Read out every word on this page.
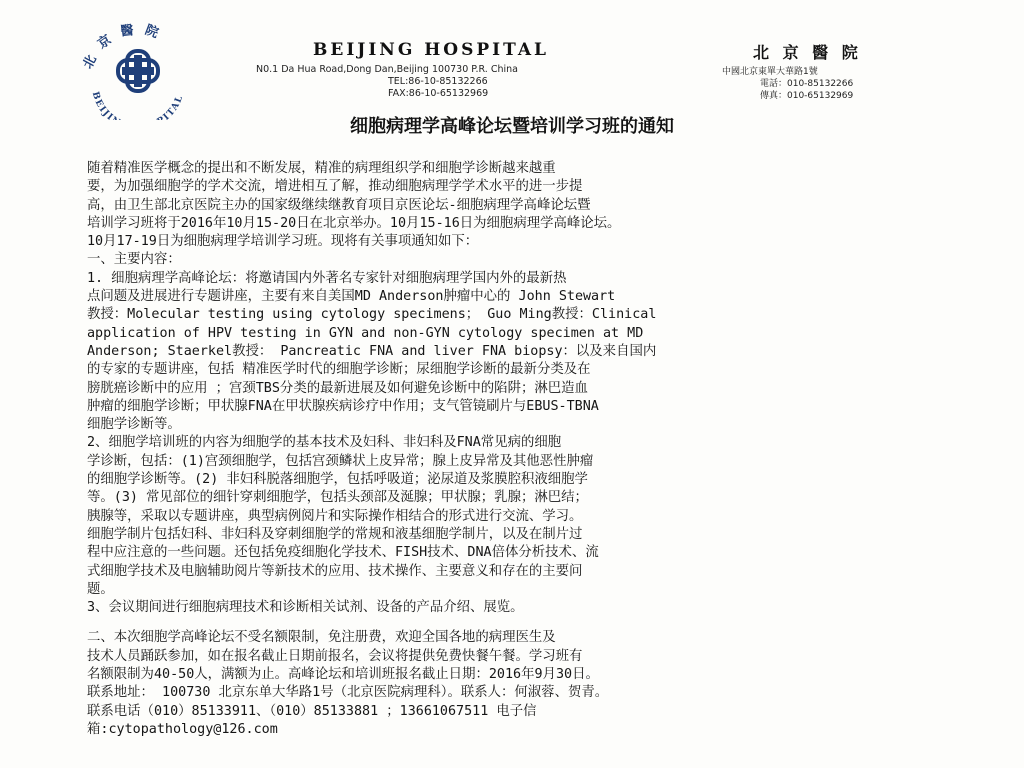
北京醫院
BEIJI ITAL
BEIJING HOSPITAL
N0.1 Da Hua Road,Dong Dan,Beijing 100730 P.R. China
TEL:86-10-85132266
FAX:86-10-65132969
北 京 醫 院
中國北京東單大華路1號
電話：010-85132266
傳真：010-65132969
细胞病理学高峰论坛暨培训学习班的通知
随着精准医学概念的提出和不断发展，精准的病理组织学和细胞学诊断越来越重
要，为加强细胞学的学术交流，增进相互了解，推动细胞病理学学术水平的进一步提
高，由卫生部北京医院主办的国家级继续继教育项目京医论坛-细胞病理学高峰论坛暨
培训学习班将于2016年10月15-20日在北京举办。10月15-16日为细胞病理学高峰论坛。
10月17-19日为细胞病理学培训学习班。现将有关事项通知如下：
一、主要内容：
1. 细胞病理学高峰论坛：将邀请国内外著名专家针对细胞病理学国内外的最新热
点问题及进展进行专题讲座，主要有来自美国MD Anderson肿瘤中心的 John Stewart
教授：Molecular testing using cytology specimens； Guo Ming教授：Clinical
application of HPV testing in GYN and non-GYN cytology specimen at MD
Anderson; Staerkel教授： Pancreatic FNA and liver FNA biopsy：以及来自国内
的专家的专题讲座，包括 精准医学时代的细胞学诊断；尿细胞学诊断的最新分类及在
膀胱癌诊断中的应用 ；宫颈TBS分类的最新进展及如何避免诊断中的陷阱；淋巴造血
肿瘤的细胞学诊断；甲状腺FNA在甲状腺疾病诊疗中作用；支气管镜刷片与EBUS-TBNA
细胞学诊断等。
2、细胞学培训班的内容为细胞学的基本技术及妇科、非妇科及FNA常见病的细胞
学诊断，包括：(1)宫颈细胞学，包括宫颈鳞状上皮异常；腺上皮异常及其他恶性肿瘤
的细胞学诊断等。(2) 非妇科脱落细胞学，包括呼吸道；泌尿道及浆膜腔积液细胞学
等。(3) 常见部位的细针穿刺细胞学，包括头颈部及涎腺；甲状腺；乳腺；淋巴结；
胰腺等，采取以专题讲座，典型病例阅片和实际操作相结合的形式进行交流、学习。
细胞学制片包括妇科、非妇科及穿刺细胞学的常规和液基细胞学制片，以及在制片过
程中应注意的一些问题。还包括免疫细胞化学技术、FISH技术、DNA倍体分析技术、流
式细胞学技术及电脑辅助阅片等新技术的应用、技术操作、主要意义和存在的主要问
题。
3、会议期间进行细胞病理技术和诊断相关试剂、设备的产品介绍、展览。
二、本次细胞学高峰论坛不受名额限制，免注册费，欢迎全国各地的病理医生及
技术人员踊跃参加，如在报名截止日期前报名，会议将提供免费快餐午餐。学习班有
名额限制为40-50人，满额为止。高峰论坛和培训班报名截止日期：2016年9月30日。
联系地址： 100730 北京东单大华路1号（北京医院病理科）。联系人：何淑蓉、贺青。
联系电话（010）85133911、（010）85133881 ；13661067511 电子信
箱:cytopathology@126.com
